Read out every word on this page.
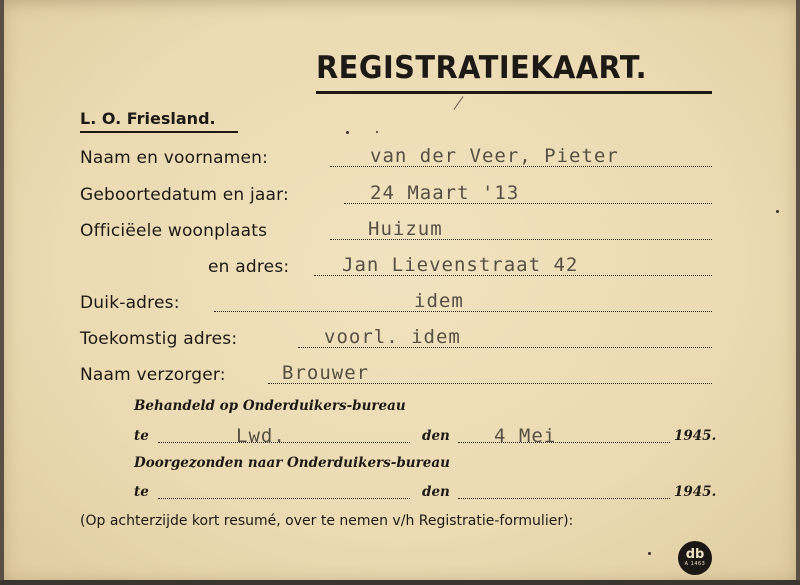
REGISTRATIEKAART.
L. O. Friesland.
Naam en voornamen:	van der Veer, Pieter
Geboortedatum en jaar:	24 Maart '13
Officiëele woonplaats	Huizum
en adres:	Jan Lievenstraat 42
Duik-adres:	idem
Toekomstig adres:	voorl. idem
Naam verzorger:	Brouwer
Behandeld op Onderduikers-bureau
te	Lwd.	den 4 Mei	1945.
Doorgezonden naar Onderduikers-bureau
te	den	1945.
(Op achterzijde kort resumé, over te nemen v/h Registratie-formulier):
db
A 1463
